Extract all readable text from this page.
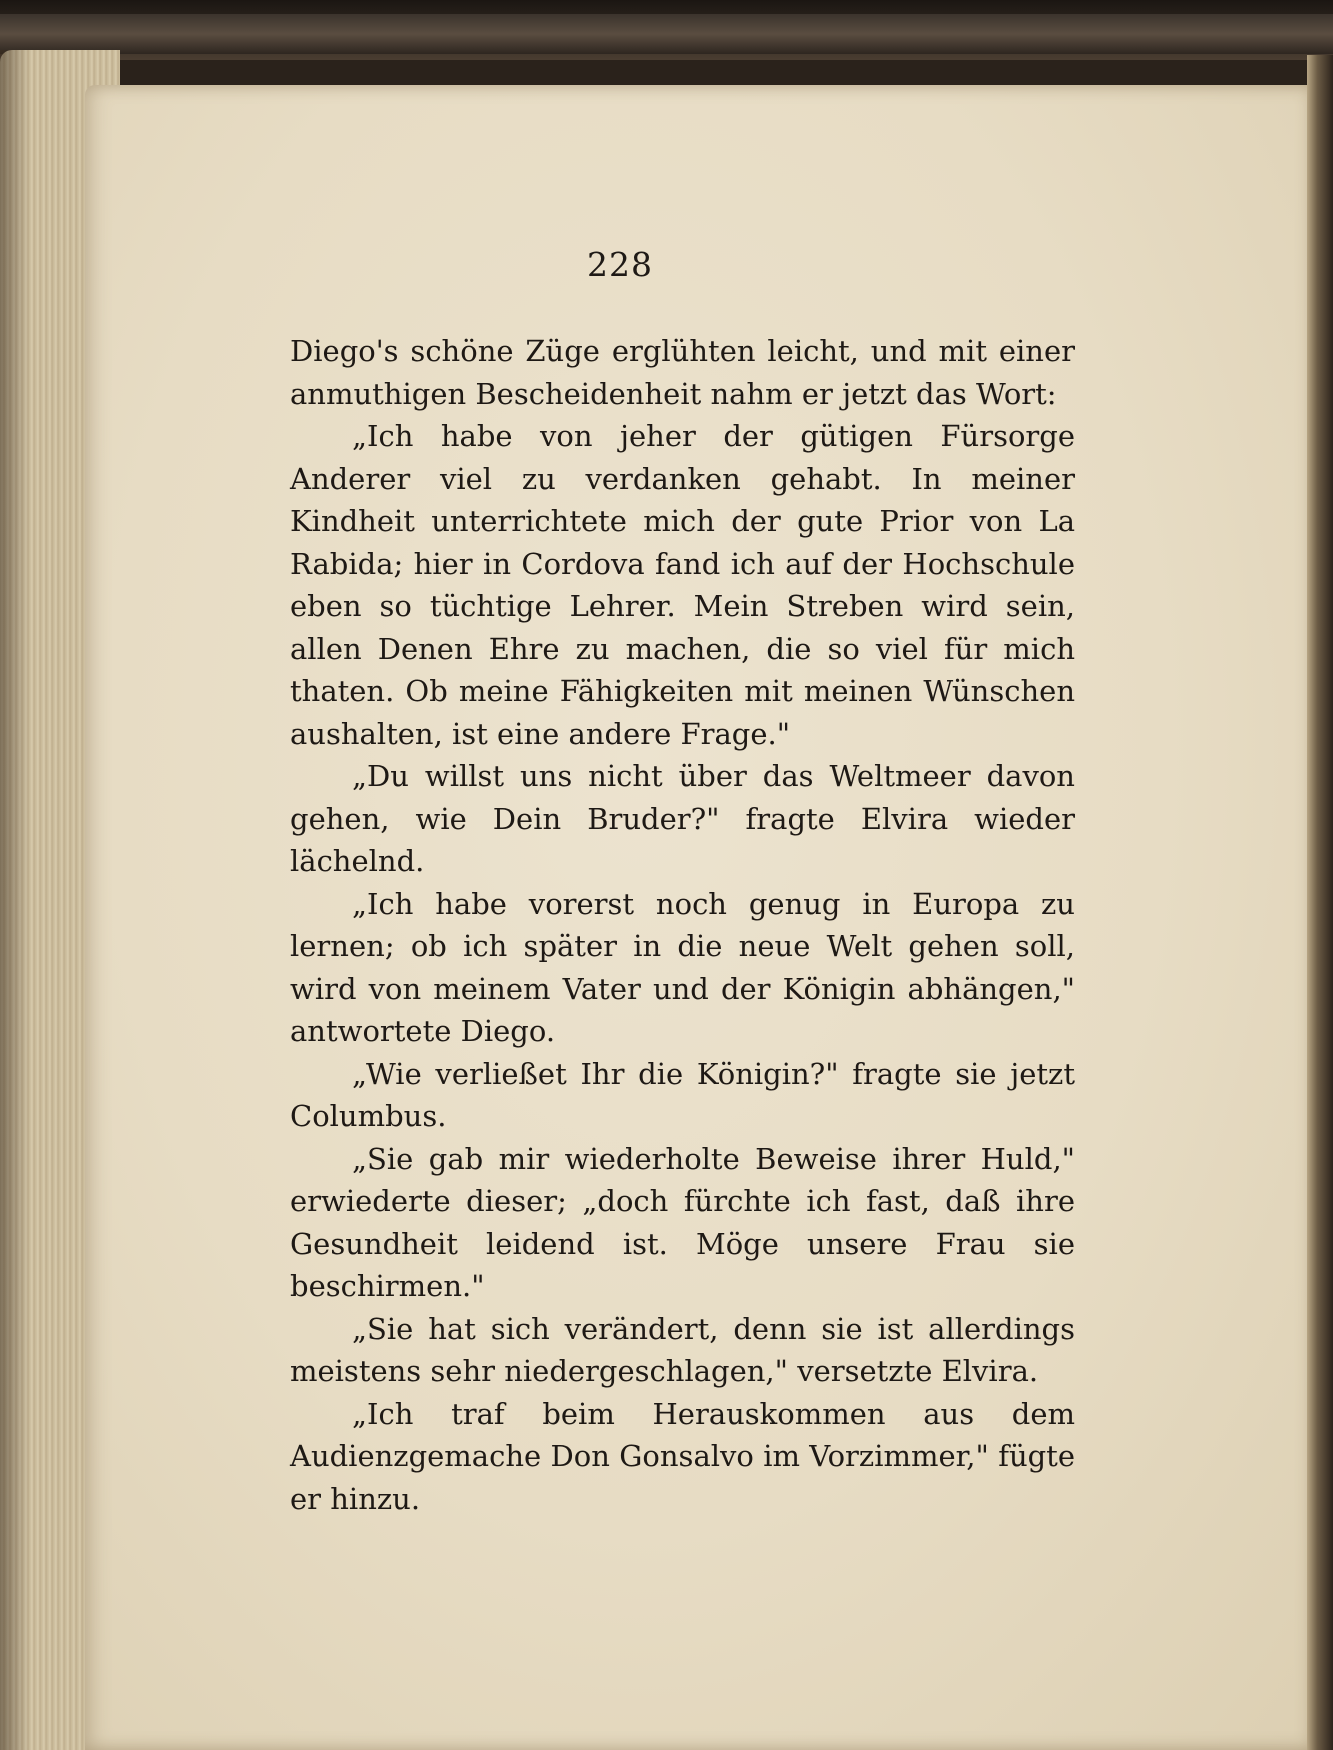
228

Diego's schöne Züge erglühten leicht, und mit einer anmuthigen Bescheidenheit nahm er jetzt das Wort:

„Ich habe von jeher der gütigen Fürsorge Anderer viel zu verdanken gehabt. In meiner Kindheit unterrichtete mich der gute Prior von La Rabida; hier in Cordova fand ich auf der Hochschule eben so tüchtige Lehrer. Mein Streben wird sein, allen Denen Ehre zu machen, die so viel für mich thaten. Ob meine Fähigkeiten mit meinen Wünschen aushalten, ist eine andere Frage."

„Du willst uns nicht über das Weltmeer davon gehen, wie Dein Bruder?" fragte Elvira wieder lächelnd.

„Ich habe vorerst noch genug in Europa zu lernen; ob ich später in die neue Welt gehen soll, wird von meinem Vater und der Königin abhängen," antwortete Diego.

„Wie verließet Ihr die Königin?" fragte sie jetzt Columbus.

„Sie gab mir wiederholte Beweise ihrer Huld," erwiederte dieser; „doch fürchte ich fast, daß ihre Gesundheit leidend ist. Möge unsere Frau sie beschirmen."

„Sie hat sich verändert, denn sie ist allerdings meistens sehr niedergeschlagen," versetzte Elvira.

„Ich traf beim Herauskommen aus dem Audienzgemache Don Gonsalvo im Vorzimmer," fügte er hinzu.
